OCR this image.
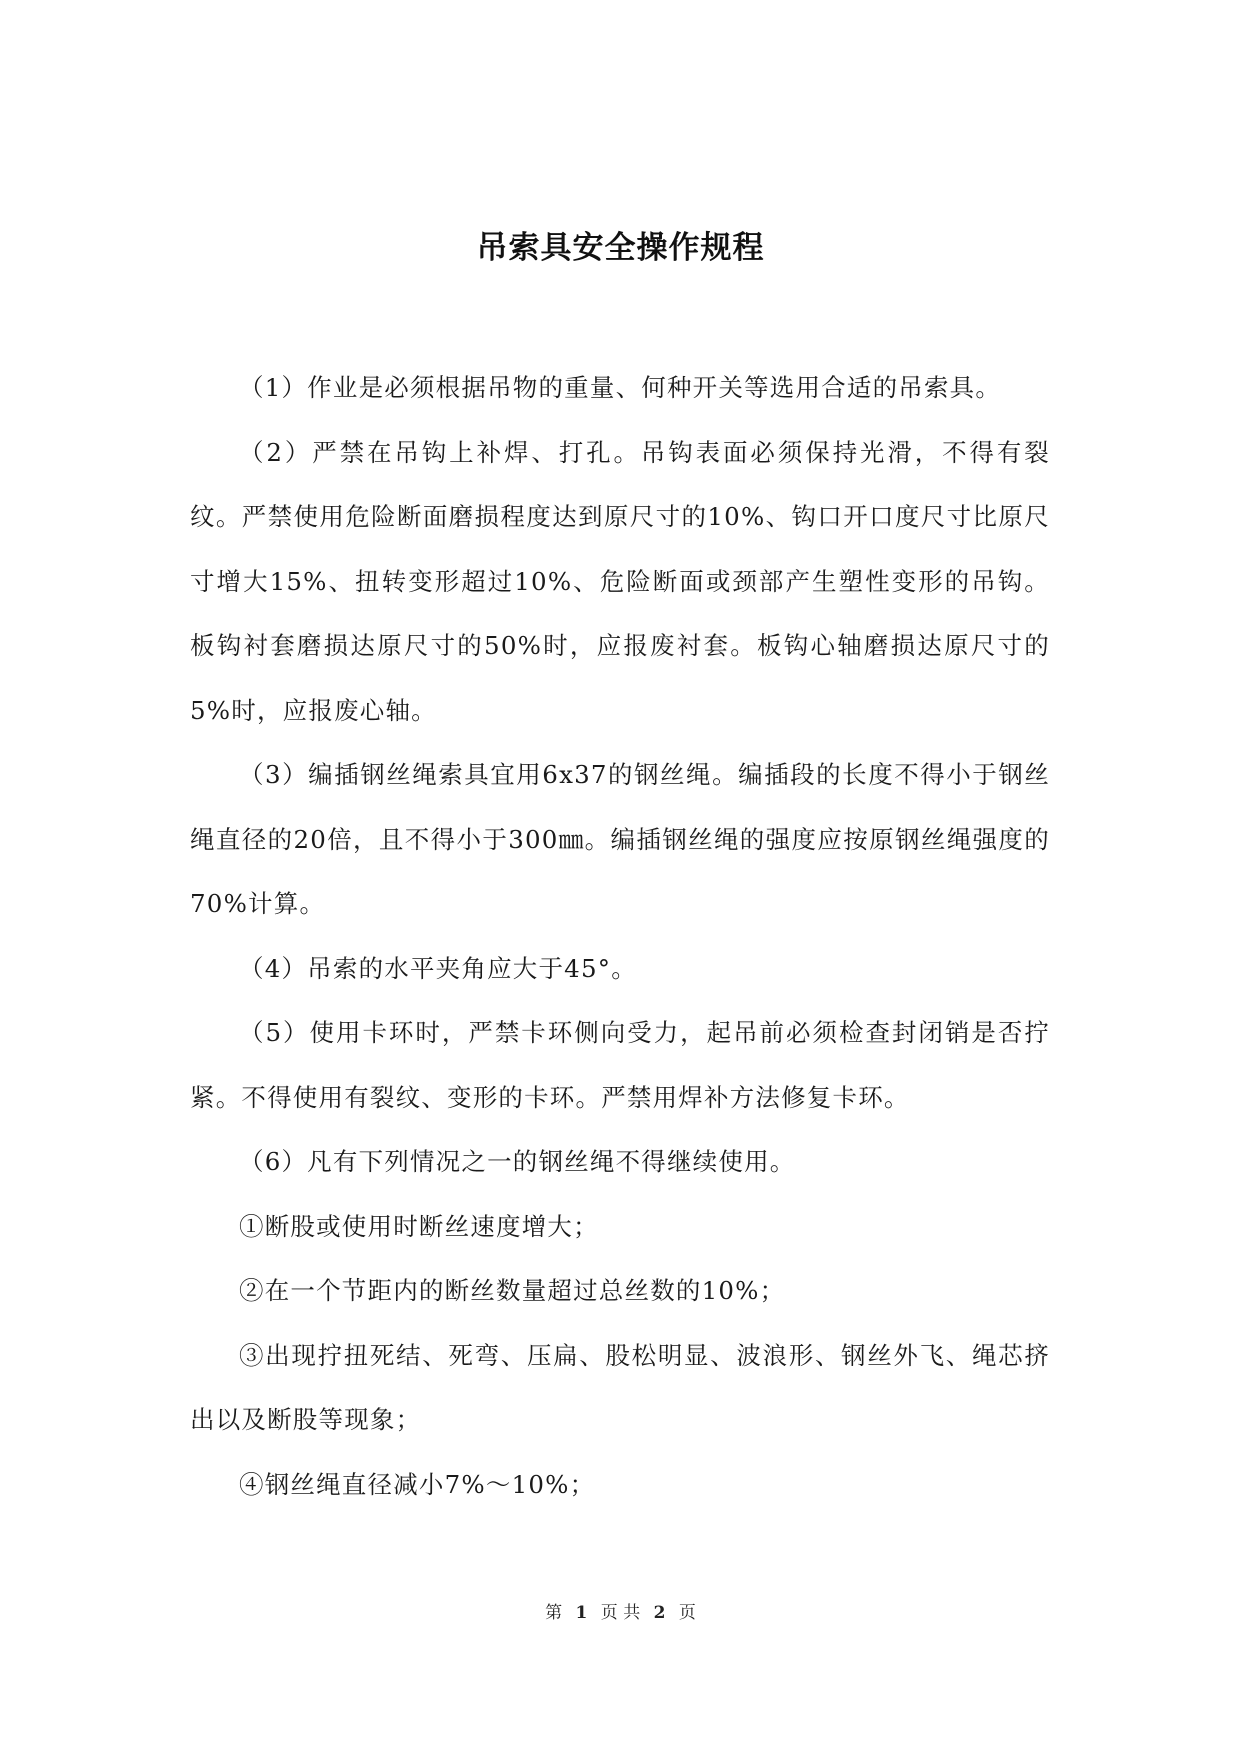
吊索具安全操作规程

（1）作业是必须根据吊物的重量、何种开关等选用合适的吊索具。

（2）严禁在吊钩上补焊、打孔。吊钩表面必须保持光滑，不得有裂纹。严禁使用危险断面磨损程度达到原尺寸的10%、钩口开口度尺寸比原尺寸增大15%、扭转变形超过10%、危险断面或颈部产生塑性变形的吊钩。板钩衬套磨损达原尺寸的50%时，应报废衬套。板钩心轴磨损达原尺寸的5%时，应报废心轴。

（3）编插钢丝绳索具宜用6x37的钢丝绳。编插段的长度不得小于钢丝绳直径的20倍，且不得小于300㎜。编插钢丝绳的强度应按原钢丝绳强度的70%计算。

（4）吊索的水平夹角应大于45°。

（5）使用卡环时，严禁卡环侧向受力，起吊前必须检查封闭销是否拧紧。不得使用有裂纹、变形的卡环。严禁用焊补方法修复卡环。

（6）凡有下列情况之一的钢丝绳不得继续使用。

①断股或使用时断丝速度增大；

②在一个节距内的断丝数量超过总丝数的10%；

③出现拧扭死结、死弯、压扁、股松明显、波浪形、钢丝外飞、绳芯挤出以及断股等现象；

④钢丝绳直径减小7%～10%；

第 1 页 共 2 页
